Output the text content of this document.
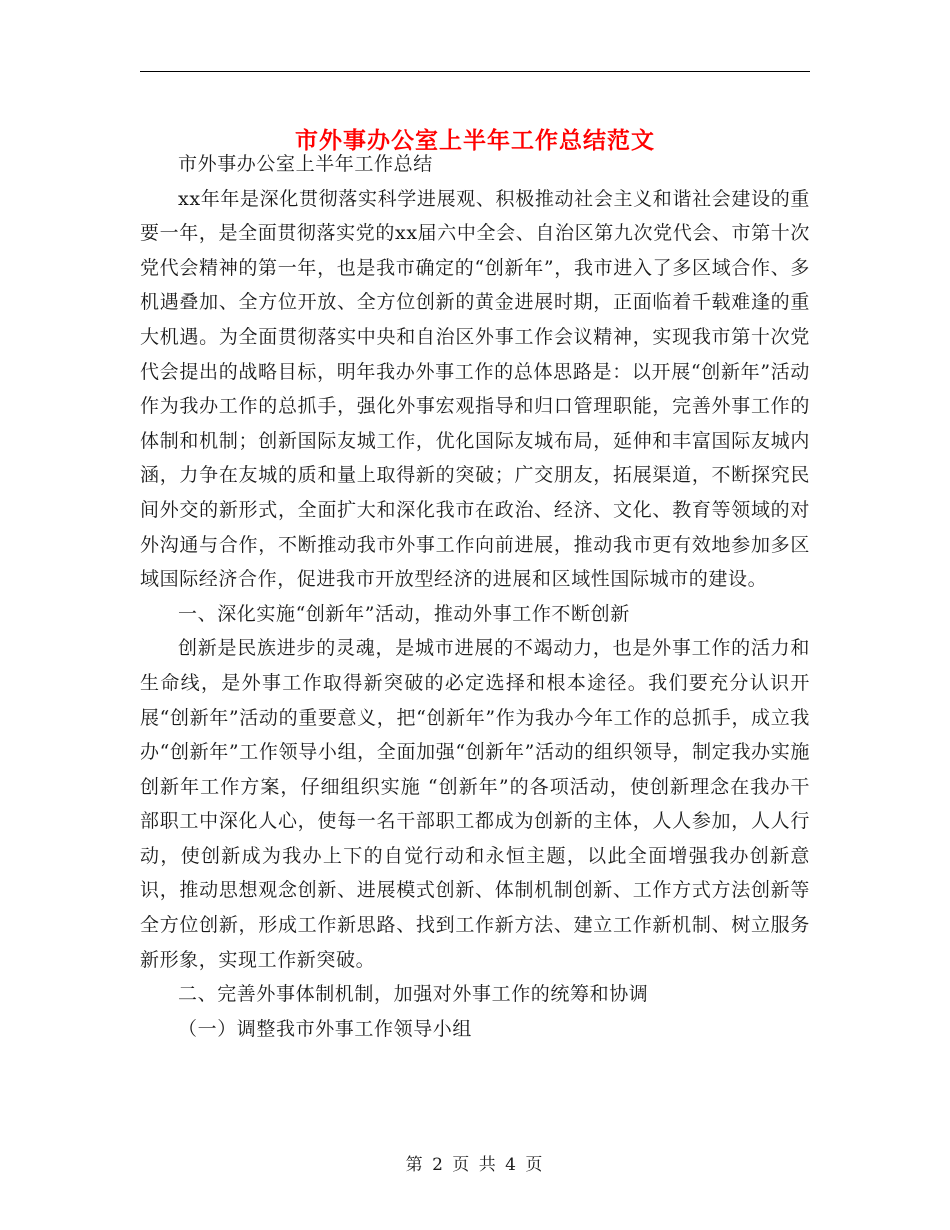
市外事办公室上半年工作总结范文

市外事办公室上半年工作总结

xx年年是深化贯彻落实科学进展观、积极推动社会主义和谐社会建设的重要一年，是全面贯彻落实党的xx届六中全会、自治区第九次党代会、市第十次党代会精神的第一年，也是我市确定的“创新年”，我市进入了多区域合作、多机遇叠加、全方位开放、全方位创新的黄金进展时期，正面临着千载难逢的重大机遇。为全面贯彻落实中央和自治区外事工作会议精神，实现我市第十次党代会提出的战略目标，明年我办外事工作的总体思路是：以开展“创新年”活动作为我办工作的总抓手，强化外事宏观指导和归口管理职能，完善外事工作的体制和机制；创新国际友城工作，优化国际友城布局，延伸和丰富国际友城内涵，力争在友城的质和量上取得新的突破；广交朋友，拓展渠道，不断探究民间外交的新形式，全面扩大和深化我市在政治、经济、文化、教育等领域的对外沟通与合作，不断推动我市外事工作向前进展，推动我市更有效地参加多区域国际经济合作，促进我市开放型经济的进展和区域性国际城市的建设。

一、深化实施“创新年”活动，推动外事工作不断创新

创新是民族进步的灵魂，是城市进展的不竭动力，也是外事工作的活力和生命线，是外事工作取得新突破的必定选择和根本途径。我们要充分认识开展“创新年”活动的重要意义，把“创新年”作为我办今年工作的总抓手，成立我办“创新年”工作领导小组，全面加强“创新年”活动的组织领导，制定我办实施创新年工作方案，仔细组织实施 “创新年”的各项活动，使创新理念在我办干部职工中深化人心，使每一名干部职工都成为创新的主体，人人参加，人人行动，使创新成为我办上下的自觉行动和永恒主题，以此全面增强我办创新意识，推动思想观念创新、进展模式创新、体制机制创新、工作方式方法创新等全方位创新，形成工作新思路、找到工作新方法、建立工作新机制、树立服务新形象，实现工作新突破。

二、完善外事体制机制，加强对外事工作的统筹和协调

（一）调整我市外事工作领导小组

第 2 页 共 4 页
